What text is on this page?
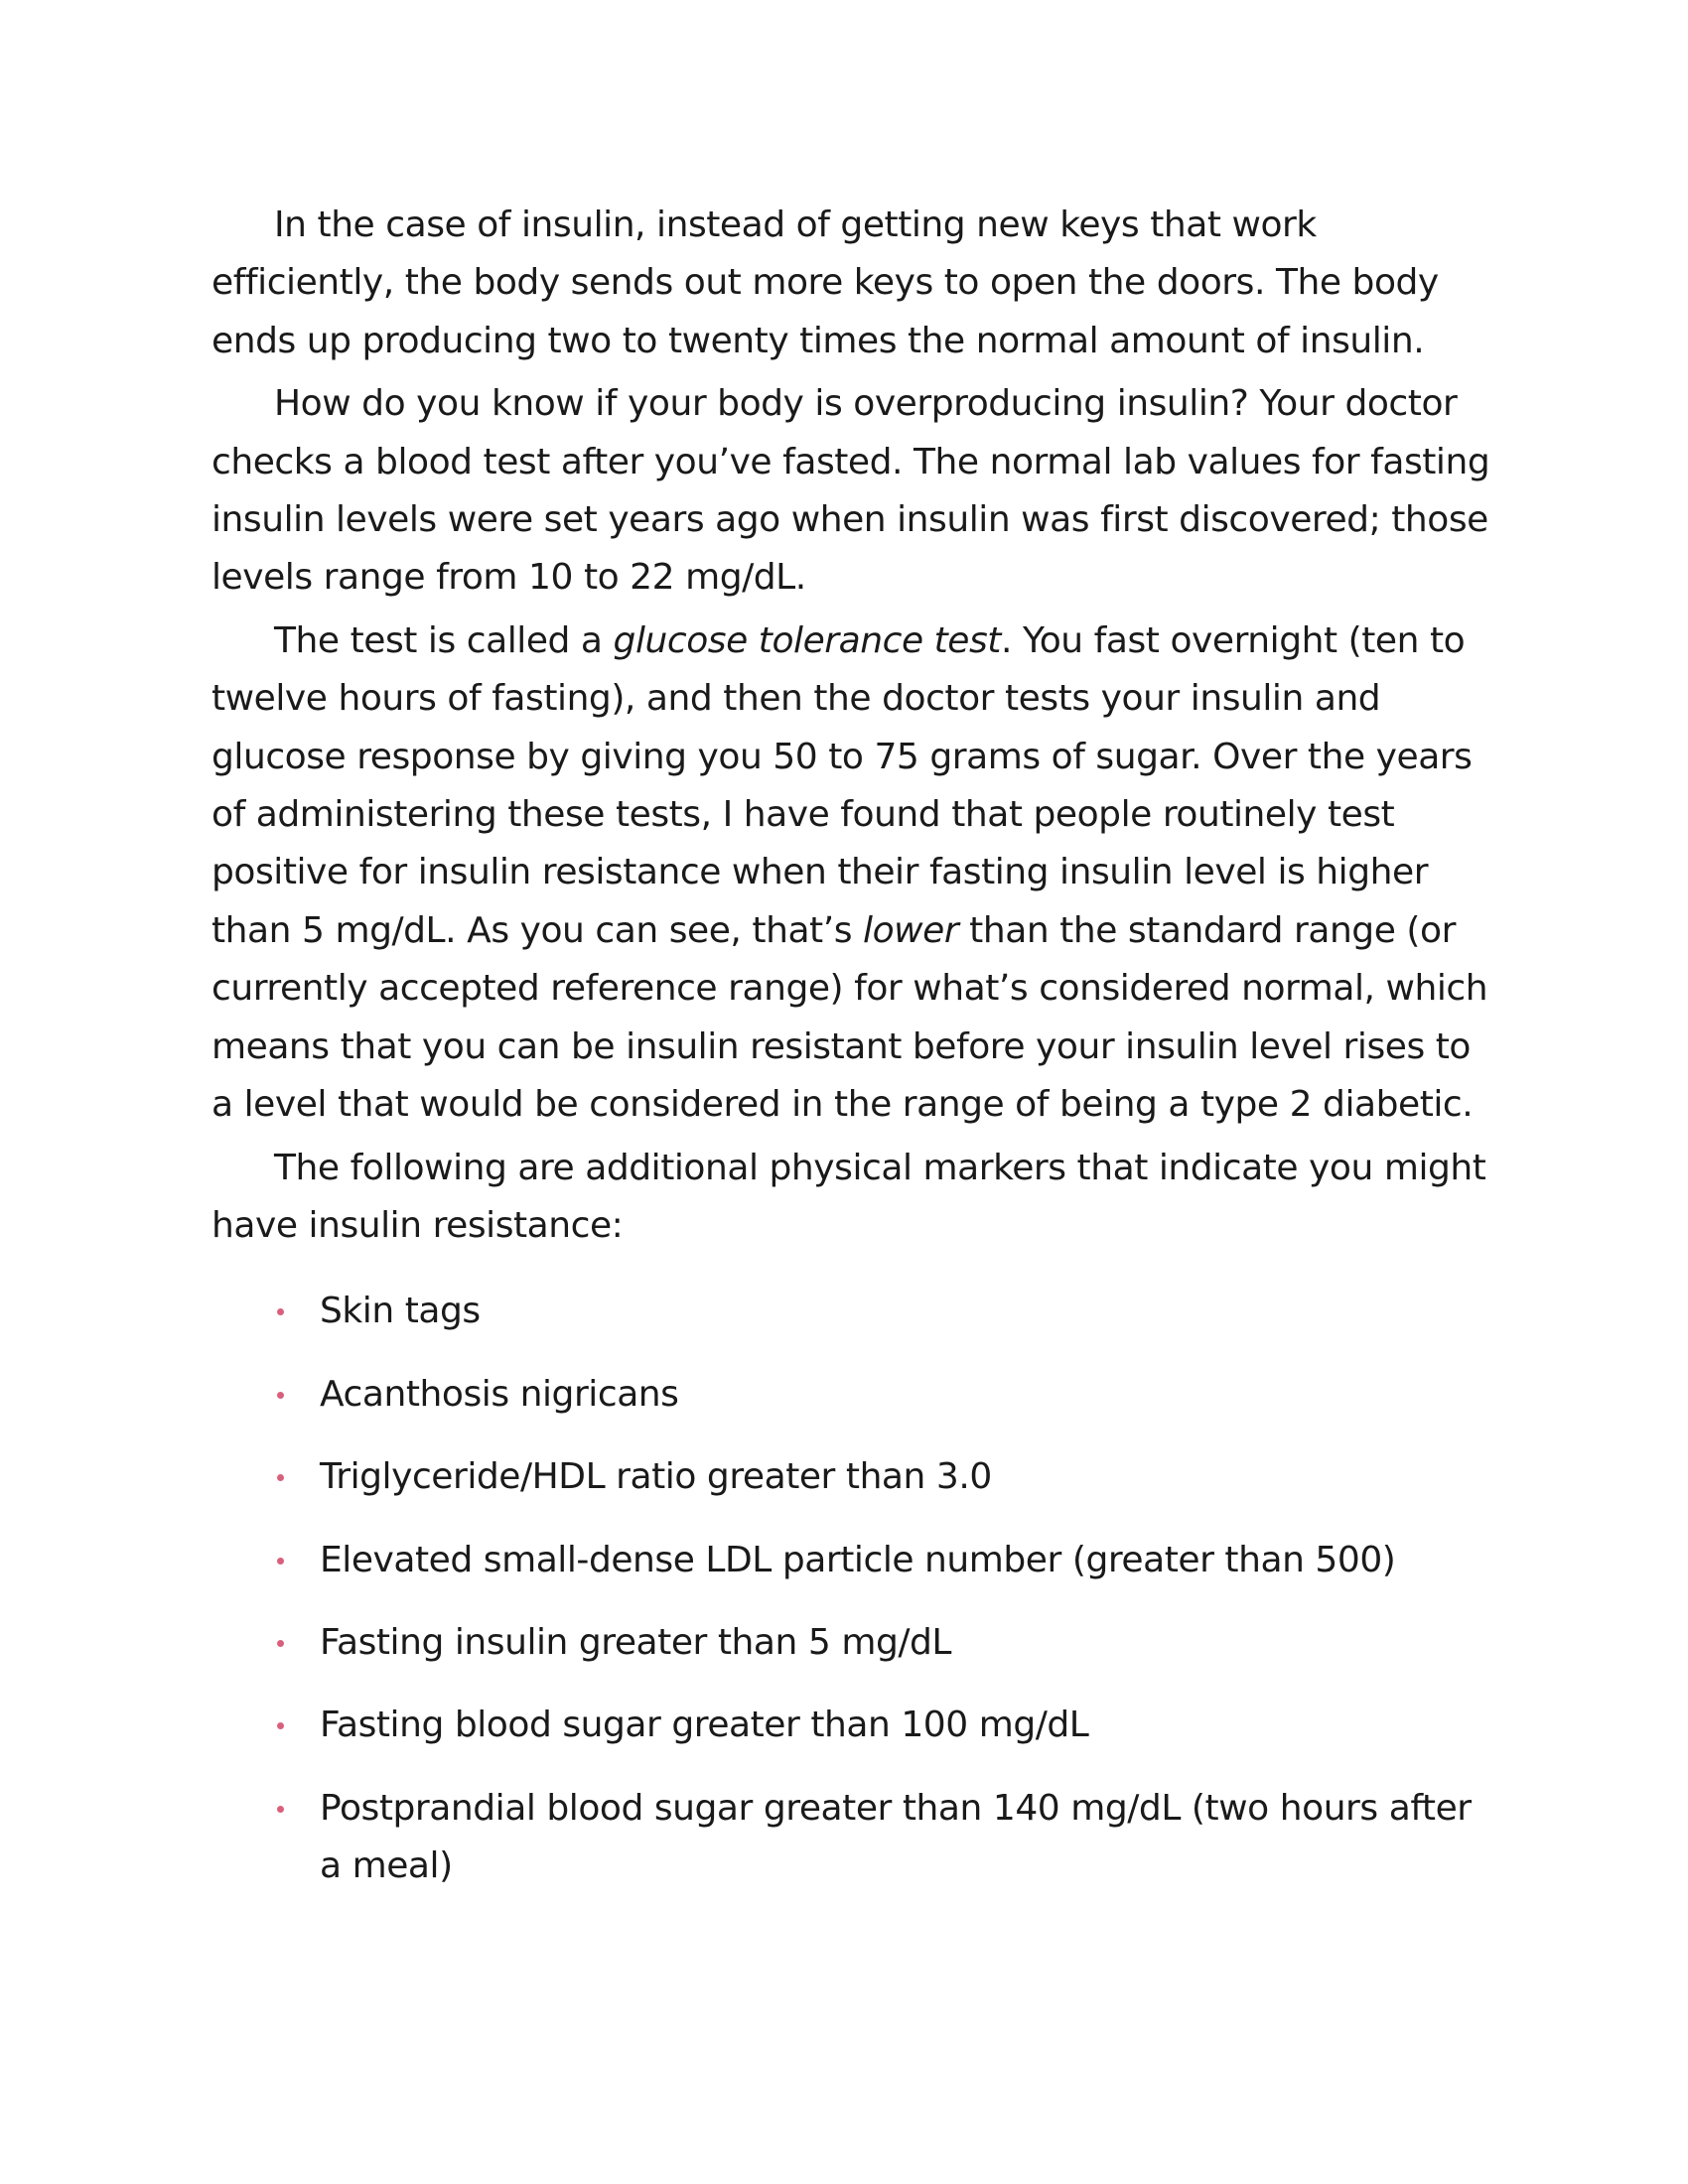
In the case of insulin, instead of getting new keys that work efficiently, the body sends out more keys to open the doors. The body ends up producing two to twenty times the normal amount of insulin.

How do you know if your body is overproducing insulin? Your doctor checks a blood test after you’ve fasted. The normal lab values for fasting insulin levels were set years ago when insulin was first discovered; those levels range from 10 to 22 mg/dL.

The test is called a glucose tolerance test. You fast overnight (ten to twelve hours of fasting), and then the doctor tests your insulin and glucose response by giving you 50 to 75 grams of sugar. Over the years of administering these tests, I have found that people routinely test positive for insulin resistance when their fasting insulin level is higher than 5 mg/dL. As you can see, that’s lower than the standard range (or currently accepted reference range) for what’s considered normal, which means that you can be insulin resistant before your insulin level rises to a level that would be considered in the range of being a type 2 diabetic.

The following are additional physical markers that indicate you might have insulin resistance:

Skin tags
Acanthosis nigricans
Triglyceride/HDL ratio greater than 3.0
Elevated small-dense LDL particle number (greater than 500)
Fasting insulin greater than 5 mg/dL
Fasting blood sugar greater than 100 mg/dL
Postprandial blood sugar greater than 140 mg/dL (two hours after a meal)
